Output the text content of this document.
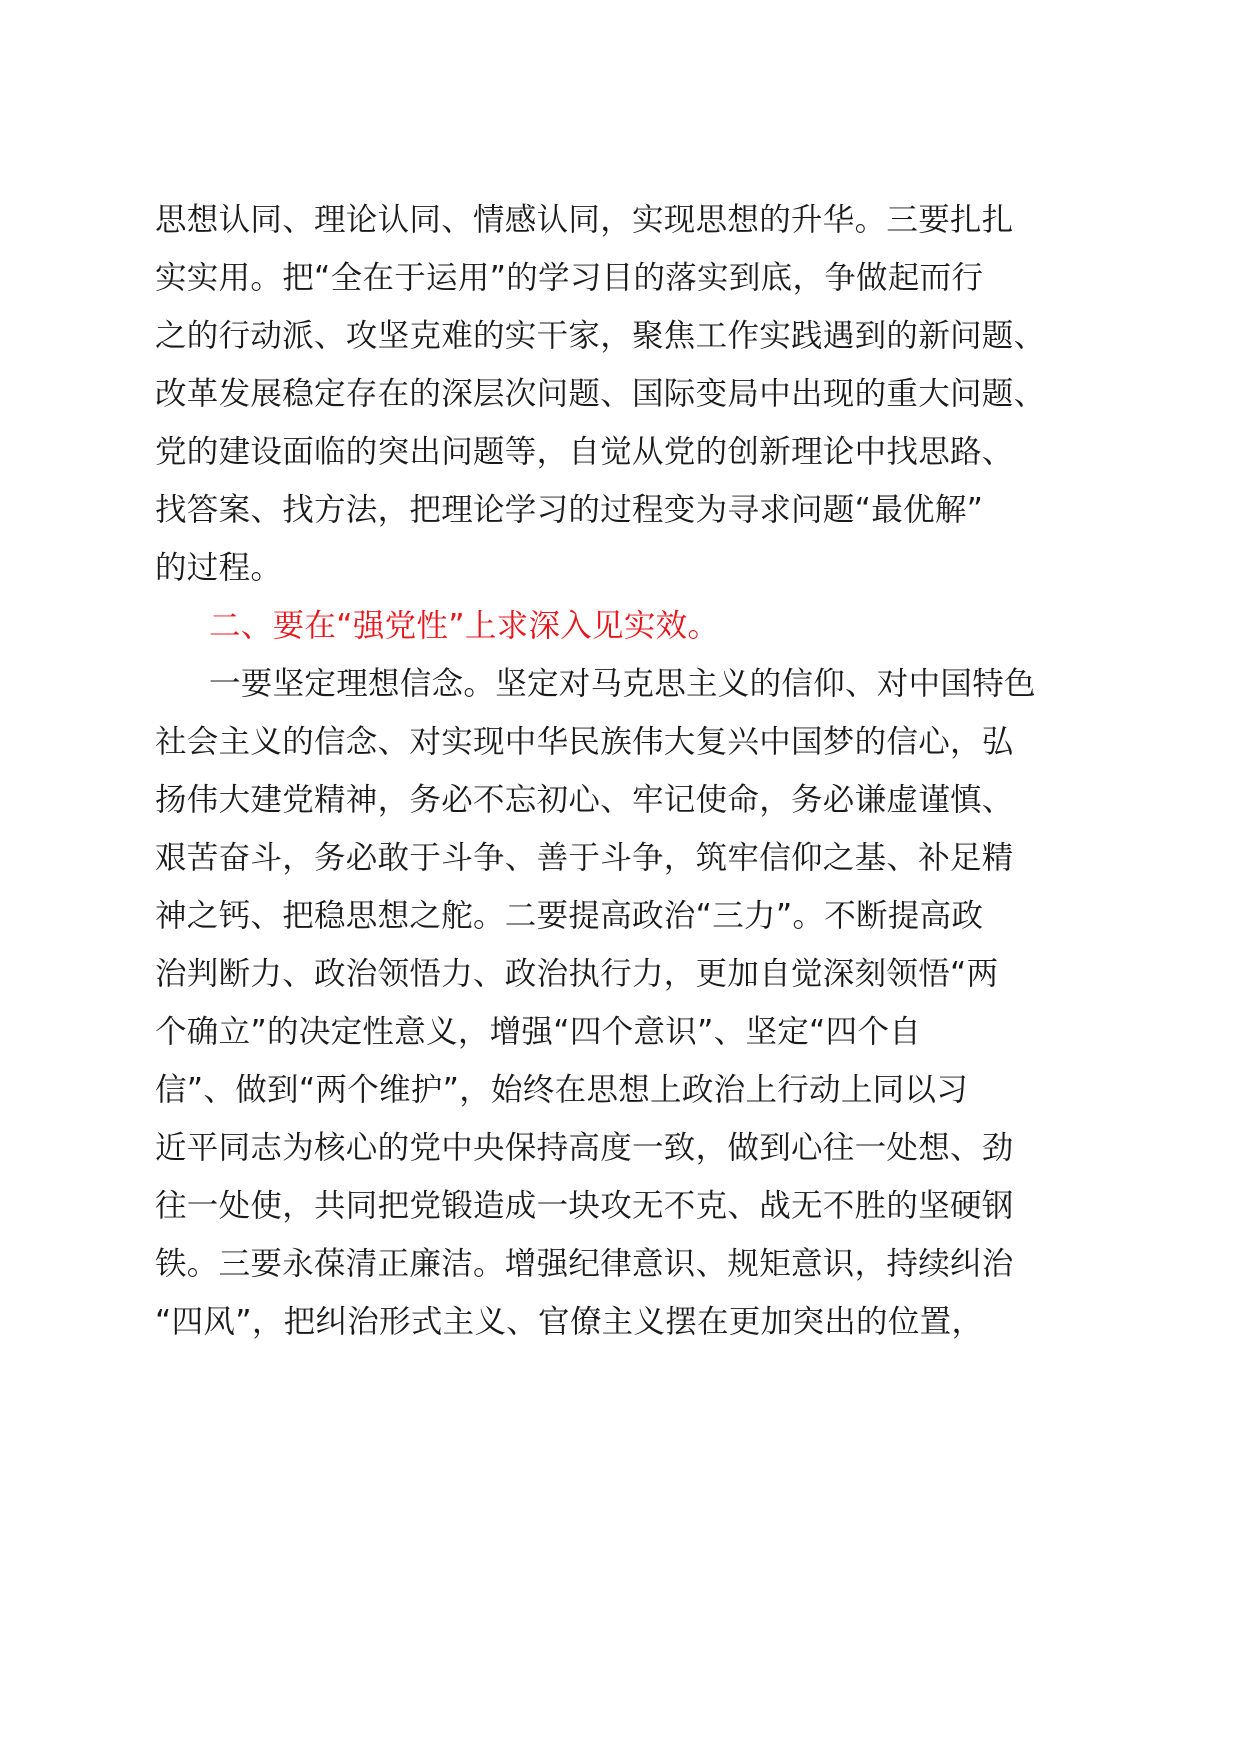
思想认同、理论认同、情感认同，实现思想的升华。三要扎扎
实实用。把“全在于运用”的学习目的落实到底，争做起而行
之的行动派、攻坚克难的实干家，聚焦工作实践遇到的新问题、
改革发展稳定存在的深层次问题、国际变局中出现的重大问题、
党的建设面临的突出问题等，自觉从党的创新理论中找思路、
找答案、找方法，把理论学习的过程变为寻求问题“最优解”
的过程。
二、要在“强党性”上求深入见实效。
一要坚定理想信念。坚定对马克思主义的信仰、对中国特色
社会主义的信念、对实现中华民族伟大复兴中国梦的信心，弘
扬伟大建党精神，务必不忘初心、牢记使命，务必谦虚谨慎、
艰苦奋斗，务必敢于斗争、善于斗争，筑牢信仰之基、补足精
神之钙、把稳思想之舵。二要提高政治“三力”。不断提高政
治判断力、政治领悟力、政治执行力，更加自觉深刻领悟“两
个确立”的决定性意义，增强“四个意识”、坚定“四个自
信”、做到“两个维护”，始终在思想上政治上行动上同以习
近平同志为核心的党中央保持高度一致，做到心往一处想、劲
往一处使，共同把党锻造成一块攻无不克、战无不胜的坚硬钢
铁。三要永葆清正廉洁。增强纪律意识、规矩意识，持续纠治
“四风”，把纠治形式主义、官僚主义摆在更加突出的位置，
